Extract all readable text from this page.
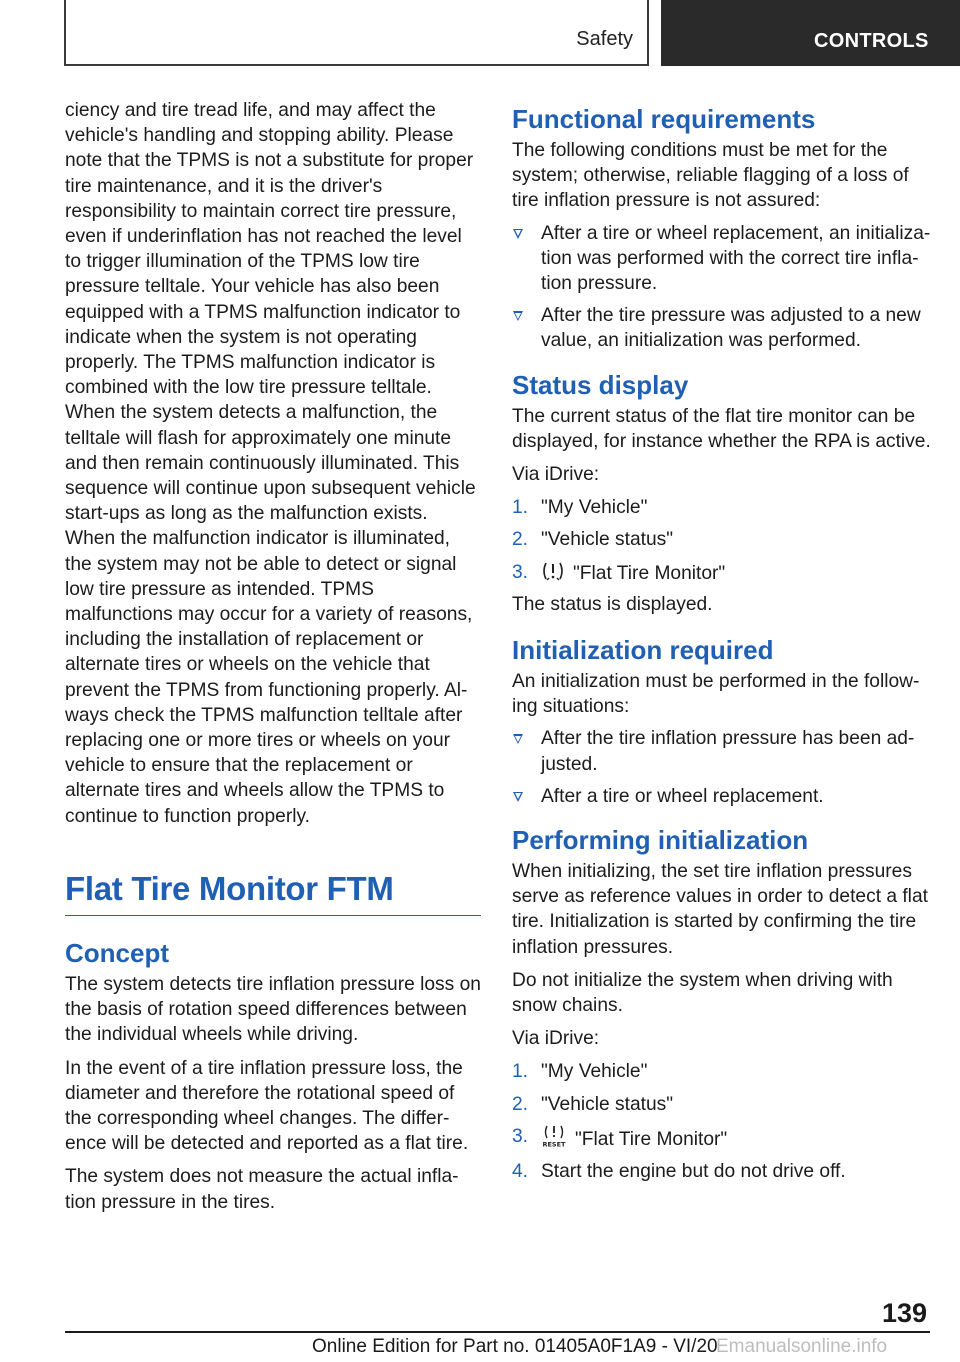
Safety	CONTROLS

ciency and tire tread life, and may affect the vehicle's handling and stopping ability. Please note that the TPMS is not a substitute for proper tire maintenance, and it is the driver's responsibility to maintain correct tire pressure, even if underinflation has not reached the level to trigger illumination of the TPMS low tire pressure telltale. Your vehicle has also been equipped with a TPMS malfunction indicator to indicate when the system is not operating properly. The TPMS malfunction indicator is combined with the low tire pressure telltale. When the system detects a malfunction, the telltale will flash for approximately one minute and then remain continuously illuminated. This sequence will continue upon subsequent vehicle start-ups as long as the malfunction exists. When the malfunction indicator is illuminated, the system may not be able to detect or signal low tire pressure as intended. TPMS malfunctions may occur for a variety of reasons, including the installation of replacement or alternate tires or wheels on the vehicle that prevent the TPMS from functioning properly. Always check the TPMS malfunction telltale after replacing one or more tires or wheels on your vehicle to ensure that the replacement or alternate tires and wheels allow the TPMS to continue to function properly.

Flat Tire Monitor FTM
Concept

The system detects tire inflation pressure loss on the basis of rotation speed differences between the individual wheels while driving.

In the event of a tire inflation pressure loss, the diameter and therefore the rotational speed of the corresponding wheel changes. The difference will be detected and reported as a flat tire.

The system does not measure the actual inflation pressure in the tires.

Functional requirements

The following conditions must be met for the system; otherwise, reliable flagging of a loss of tire inflation pressure is not assured:

After a tire or wheel replacement, an initialization was performed with the correct tire inflation pressure.
After the tire pressure was adjusted to a new value, an initialization was performed.
Status display

The current status of the flat tire monitor can be displayed, for instance whether the RPA is active.

Via iDrive:

1. "My Vehicle"
2. "Vehicle status"
3. "Flat Tire Monitor"

The status is displayed.

Initialization required

An initialization must be performed in the following situations:

After the tire inflation pressure has been adjusted.
After a tire or wheel replacement.
Performing initialization

When initializing, the set tire inflation pressures serve as reference values in order to detect a flat tire. Initialization is started by confirming the tire inflation pressures.

Do not initialize the system when driving with snow chains.

Via iDrive:

1. "My Vehicle"
2. "Vehicle status"
3. RESET "Flat Tire Monitor"
4. Start the engine but do not drive off.
139
Online Edition for Part no. 01405A0F1A9 - VI/20
Emanualsonline.info
